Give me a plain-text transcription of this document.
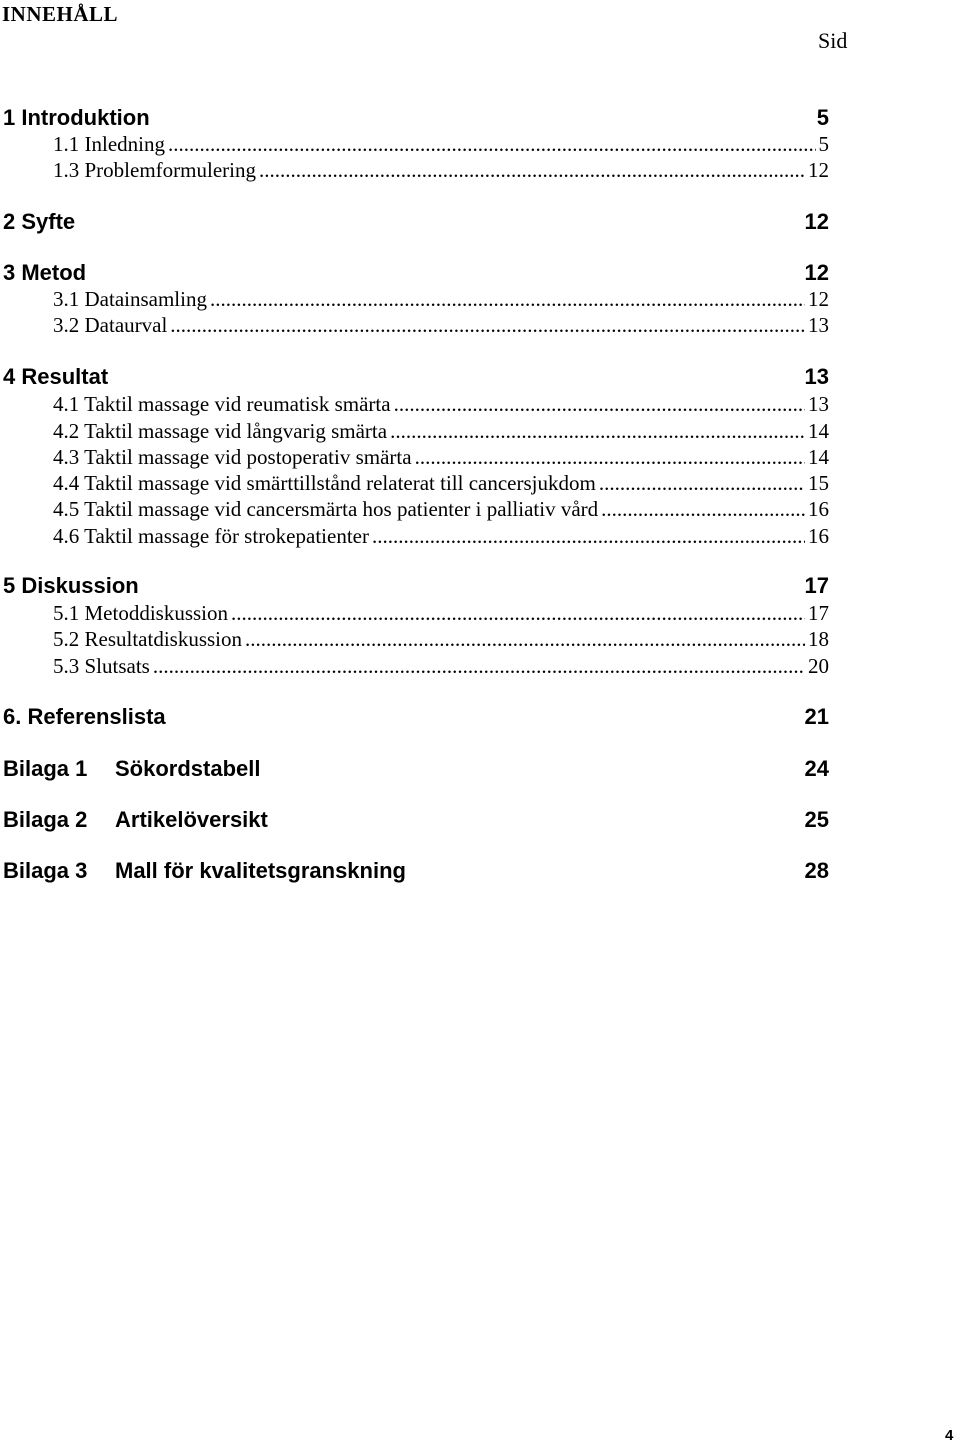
INNEHÅLL
Sid
1 Introduktion	5
1.1 Inledning .....	5
1.3 Problemformulering .....	12
2 Syfte	12
3 Metod	12
3.1 Datainsamling .....	12
3.2 Dataurval .....	13
4 Resultat	13
4.1 Taktil massage vid reumatisk smärta .....	13
4.2 Taktil massage vid långvarig smärta .....	14
4.3 Taktil massage vid postoperativ smärta .....	14
4.4 Taktil massage vid smärttillstånd relaterat till cancersjukdom .....	15
4.5 Taktil massage vid cancersmärta hos patienter i palliativ vård .....	16
4.6 Taktil massage för strokepatienter .....	16
5 Diskussion	17
5.1 Metoddiskussion .....	17
5.2 Resultatdiskussion .....	18
5.3 Slutsats .....	20
6. Referenslista	21
Bilaga 1	Sökordstabell	24
Bilaga 2	Artikelöversikt	25
Bilaga 3	Mall för kvalitetsgranskning	28
4
